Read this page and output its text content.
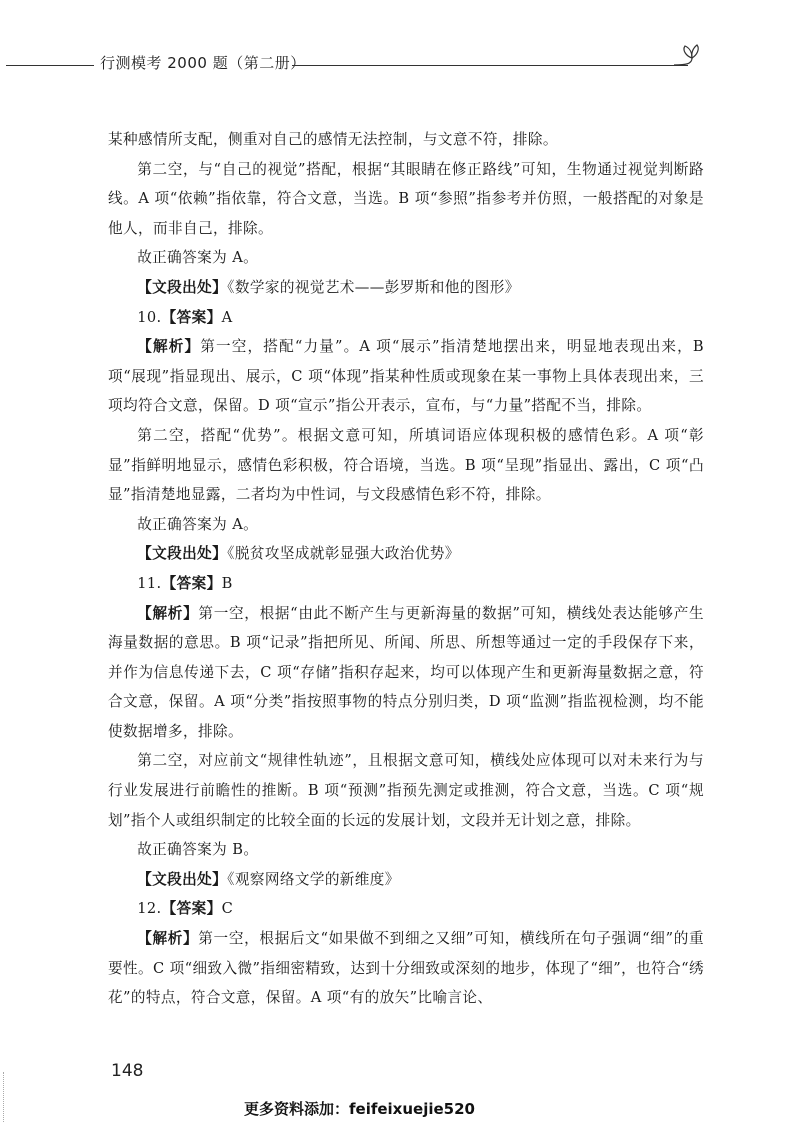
行测模考 2000 题（第二册）

某种感情所支配，侧重对自己的感情无法控制，与文意不符，排除。

第二空，与“自己的视觉”搭配，根据“其眼睛在修正路线”可知，生物通过视觉判断路线。A 项“依赖”指依靠，符合文意，当选。B 项“参照”指参考并仿照，一般搭配的对象是他人，而非自己，排除。

故正确答案为 A。

【文段出处】《数学家的视觉艺术——彭罗斯和他的图形》

10.【答案】A

【解析】第一空，搭配“力量”。A 项“展示”指清楚地摆出来，明显地表现出来，B 项“展现”指显现出、展示，C 项“体现”指某种性质或现象在某一事物上具体表现出来，三项均符合文意，保留。D 项“宣示”指公开表示，宣布，与“力量”搭配不当，排除。

第二空，搭配“优势”。根据文意可知，所填词语应体现积极的感情色彩。A 项“彰显”指鲜明地显示，感情色彩积极，符合语境，当选。B 项“呈现”指显出、露出，C 项“凸显”指清楚地显露，二者均为中性词，与文段感情色彩不符，排除。

故正确答案为 A。

【文段出处】《脱贫攻坚成就彰显强大政治优势》

11.【答案】B

【解析】第一空，根据“由此不断产生与更新海量的数据”可知，横线处表达能够产生海量数据的意思。B 项“记录”指把所见、所闻、所思、所想等通过一定的手段保存下来，并作为信息传递下去，C 项“存储”指积存起来，均可以体现产生和更新海量数据之意，符合文意，保留。A 项“分类”指按照事物的特点分别归类，D 项“监测”指监视检测，均不能使数据增多，排除。

第二空，对应前文“规律性轨迹”，且根据文意可知，横线处应体现可以对未来行为与行业发展进行前瞻性的推断。B 项“预测”指预先测定或推测，符合文意，当选。C 项“规划”指个人或组织制定的比较全面的长远的发展计划，文段并无计划之意，排除。

故正确答案为 B。

【文段出处】《观察网络文学的新维度》

12.【答案】C

【解析】第一空，根据后文“如果做不到细之又细”可知，横线所在句子强调“细”的重要性。C 项“细致入微”指细密精致，达到十分细致或深刻的地步，体现了“细”，也符合“绣花”的特点，符合文意，保留。A 项“有的放矢”比喻言论、

148
更多资料添加：feifeixuejie520
